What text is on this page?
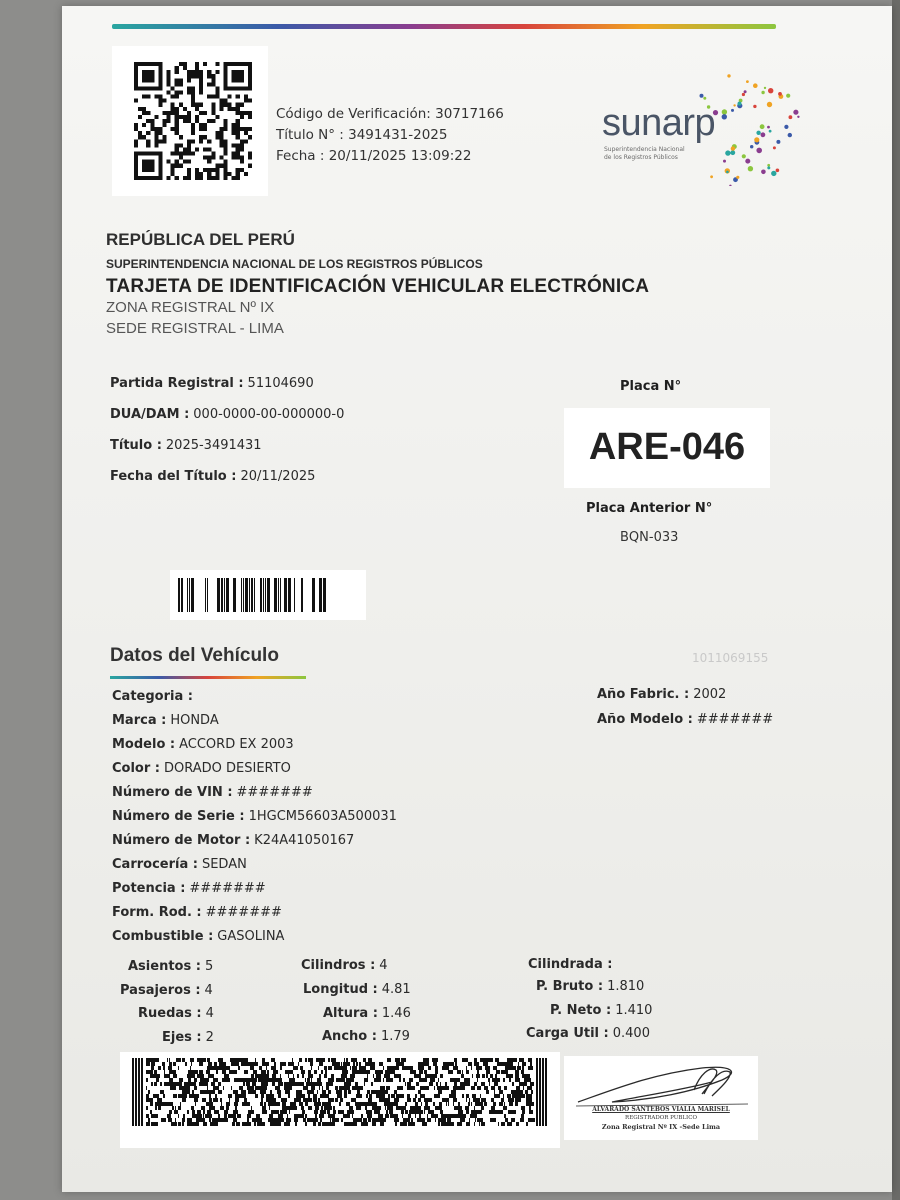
Código de Verificación: 30717166
Título N° : 3491431-2025
Fecha : 20/11/2025 13:09:22
sunarp
Superintendencia Nacional
de los Registros Públicos
REPÚBLICA DEL PERÚ
SUPERINTENDENCIA NACIONAL DE LOS REGISTROS PÚBLICOS
TARJETA DE IDENTIFICACIÓN VEHICULAR ELECTRÓNICA
ZONA REGISTRAL Nº IX
SEDE REGISTRAL - LIMA
Partida Registral : 51104690
DUA/DAM : 000-0000-00-000000-0
Título : 2025-3491431
Fecha del Título : 20/11/2025
Placa N°
ARE-046
Placa Anterior N°
BQN-033
Datos del Vehículo	1011069155
Categoria :
Marca : HONDA
Modelo : ACCORD EX 2003
Color : DORADO DESIERTO
Número de VIN : #######
Número de Serie : 1HGCM56603A500031
Número de Motor : K24A41050167
Carrocería : SEDAN
Potencia : #######
Form. Rod. : #######
Combustible : GASOLINA
Año Fabric. : 2002
Año Modelo : #######
Asientos : 5
Pasajeros : 4
Ruedas : 4
Ejes : 2
Cilindros : 4
Longitud : 4.81
Altura : 1.46
Ancho : 1.79
Cilindrada :
P. Bruto : 1.810
P. Neto : 1.410
Carga Util : 0.400
ALVARADO SANTEBOS VIALIA MARISEL
REGISTRADOR PUBLICO
Zona Registral Nº IX -Sede Lima
